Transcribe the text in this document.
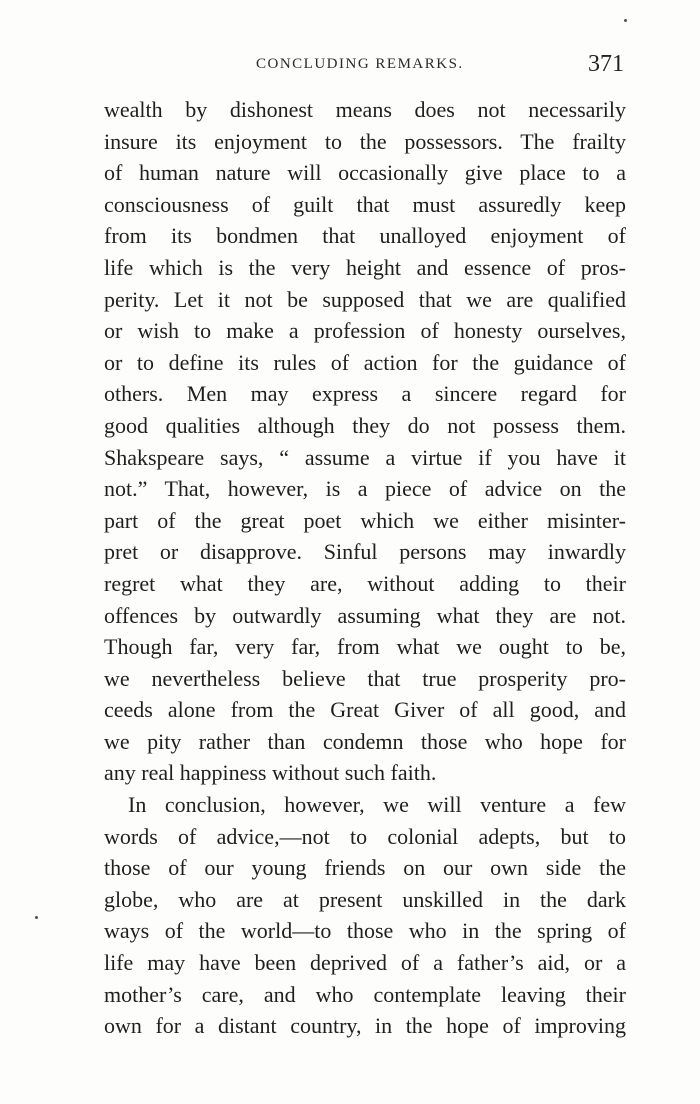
CONCLUDING REMARKS.	371
wealth by dishonest means does not necessarily
insure its enjoyment to the possessors. The frailty
of human nature will occasionally give place to a
consciousness of guilt that must assuredly keep
from its bondmen that unalloyed enjoyment of
life which is the very height and essence of pros-
perity. Let it not be supposed that we are qualified
or wish to make a profession of honesty ourselves,
or to define its rules of action for the guidance of
others. Men may express a sincere regard for
good qualities although they do not possess them.
Shakspeare says, “ assume a virtue if you have it
not.” That, however, is a piece of advice on the
part of the great poet which we either misinter-
pret or disapprove. Sinful persons may inwardly
regret what they are, without adding to their
offences by outwardly assuming what they are not.
Though far, very far, from what we ought to be,
we nevertheless believe that true prosperity pro-
ceeds alone from the Great Giver of all good, and
we pity rather than condemn those who hope for
any real happiness without such faith.
In conclusion, however, we will venture a few
words of advice,—not to colonial adepts, but to
those of our young friends on our own side the
globe, who are at present unskilled in the dark
ways of the world—to those who in the spring of
life may have been deprived of a father’s aid, or a
mother’s care, and who contemplate leaving their
own for a distant country, in the hope of improving
